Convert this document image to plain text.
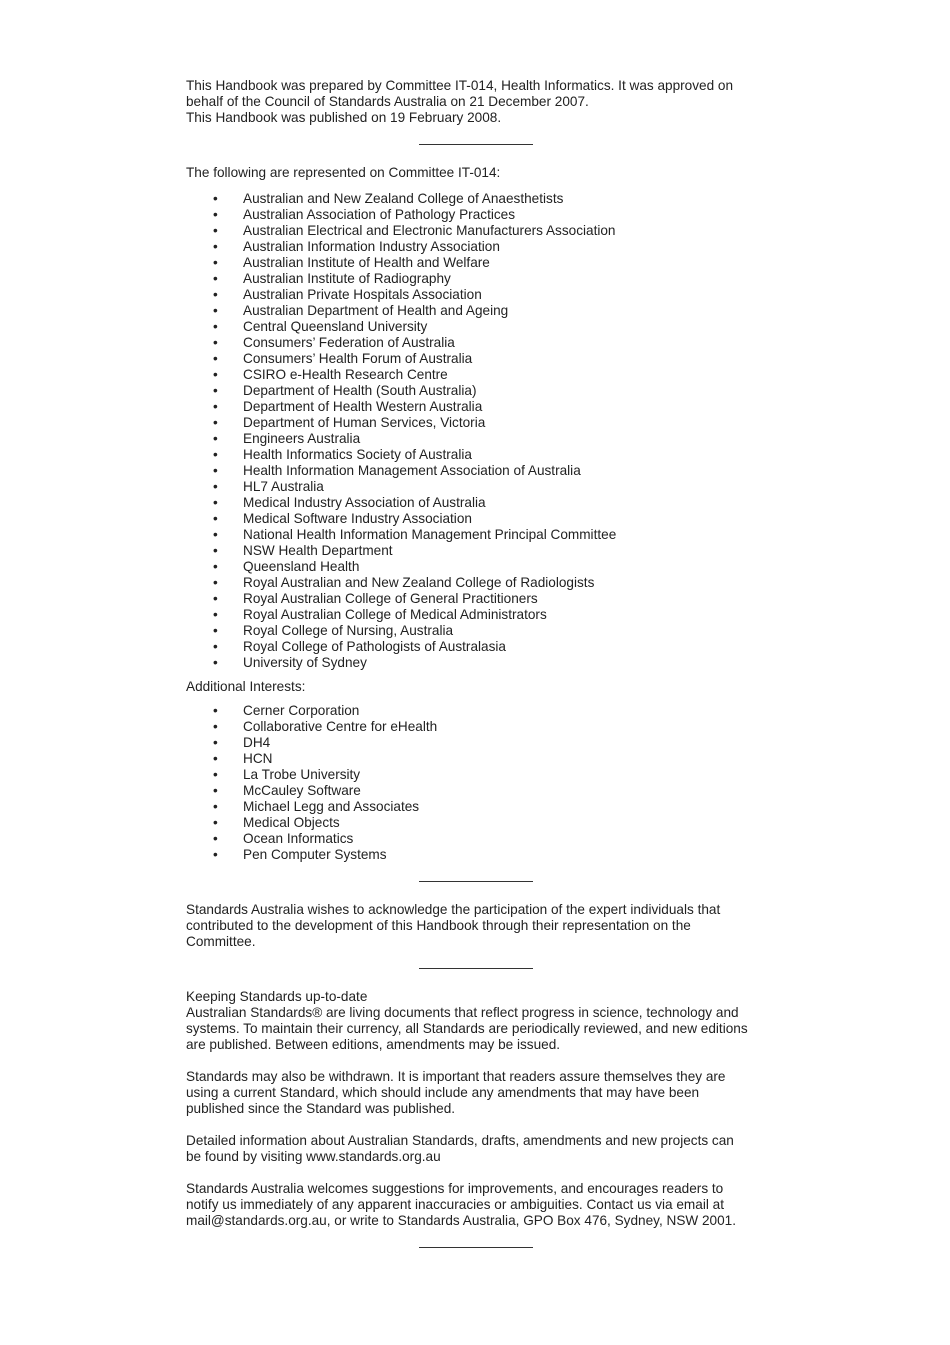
This Handbook was prepared by Committee IT-014, Health Informatics. It was approved on
behalf of the Council of Standards Australia on 21 December 2007.
This Handbook was published on 19 February 2008.

The following are represented on Committee IT-014:

• Australian and New Zealand College of Anaesthetists
• Australian Association of Pathology Practices
• Australian Electrical and Electronic Manufacturers Association
• Australian Information Industry Association
• Australian Institute of Health and Welfare
• Australian Institute of Radiography
• Australian Private Hospitals Association
• Australian Department of Health and Ageing
• Central Queensland University
• Consumers’ Federation of Australia
• Consumers’ Health Forum of Australia
• CSIRO e-Health Research Centre
• Department of Health (South Australia)
• Department of Health Western Australia
• Department of Human Services, Victoria
• Engineers Australia
• Health Informatics Society of Australia
• Health Information Management Association of Australia
• HL7 Australia
• Medical Industry Association of Australia
• Medical Software Industry Association
• National Health Information Management Principal Committee
• NSW Health Department
• Queensland Health
• Royal Australian and New Zealand College of Radiologists
• Royal Australian College of General Practitioners
• Royal Australian College of Medical Administrators
• Royal College of Nursing, Australia
• Royal College of Pathologists of Australasia
• University of Sydney

Additional Interests:

• Cerner Corporation
• Collaborative Centre for eHealth
• DH4
• HCN
• La Trobe University
• McCauley Software
• Michael Legg and Associates
• Medical Objects
• Ocean Informatics
• Pen Computer Systems

Standards Australia wishes to acknowledge the participation of the expert individuals that
contributed to the development of this Handbook through their representation on the
Committee.

Keeping Standards up-to-date

Australian Standards® are living documents that reflect progress in science, technology and
systems. To maintain their currency, all Standards are periodically reviewed, and new editions
are published. Between editions, amendments may be issued.

Standards may also be withdrawn. It is important that readers assure themselves they are
using a current Standard, which should include any amendments that may have been
published since the Standard was published.

Detailed information about Australian Standards, drafts, amendments and new projects can
be found by visiting www.standards.org.au

Standards Australia welcomes suggestions for improvements, and encourages readers to
notify us immediately of any apparent inaccuracies or ambiguities. Contact us via email at
mail@standards.org.au, or write to Standards Australia, GPO Box 476, Sydney, NSW 2001.
